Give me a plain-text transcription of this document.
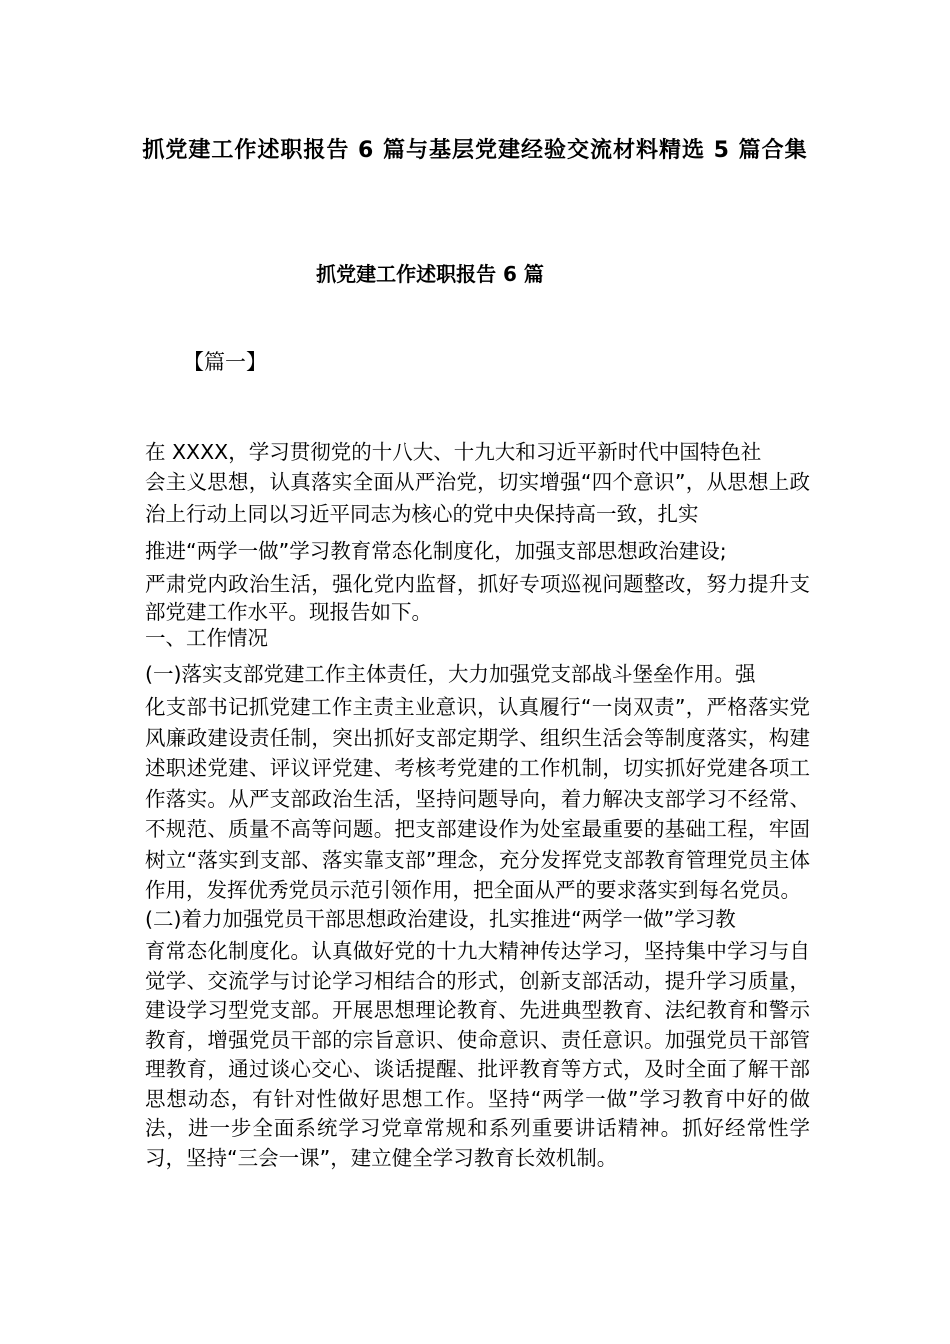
抓党建工作述职报告 6 篇与基层党建经验交流材料精选 5 篇合集
抓党建工作述职报告 6 篇
【篇一】
在 XXXX，学习贯彻党的十八大、十九大和习近平新时代中国特色社
会主义思想，认真落实全面从严治党，切实增强“四个意识”，从思想上政治上行动上同以习近平同志为核心的党中央保持高一致，扎实
推进“两学一做”学习教育常态化制度化，加强支部思想政治建设;
严肃党内政治生活，强化党内监督，抓好专项巡视问题整改，努力提升支部党建工作水平。现报告如下。
一、工作情况
(一)落实支部党建工作主体责任，大力加强党支部战斗堡垒作用。强
化支部书记抓党建工作主责主业意识，认真履行“一岗双责”，严格落实党风廉政建设责任制，突出抓好支部定期学、组织生活会等制度落实，构建述职述党建、评议评党建、考核考党建的工作机制，切实抓好党建各项工作落实。从严支部政治生活，坚持问题导向，着力解决支部学习不经常、不规范、质量不高等问题。把支部建设作为处室最重要的基础工程，牢固树立“落实到支部、落实靠支部”理念，充分发挥党支部教育管理党员主体作用，发挥优秀党员示范引领作用，把全面从严的要求落实到每名党员。
(二)着力加强党员干部思想政治建设，扎实推进“两学一做”学习教
育常态化制度化。认真做好党的十九大精神传达学习，坚持集中学习与自觉学、交流学与讨论学习相结合的形式，创新支部活动，提升学习质量，建设学习型党支部。开展思想理论教育、先进典型教育、法纪教育和警示教育，增强党员干部的宗旨意识、使命意识、责任意识。加强党员干部管理教育，通过谈心交心、谈话提醒、批评教育等方式，及时全面了解干部思想动态，有针对性做好思想工作。坚持“两学一做”学习教育中好的做法，进一步全面系统学习党章常规和系列重要讲话精神。抓好经常性学习，坚持“三会一课”，建立健全学习教育长效机制。
